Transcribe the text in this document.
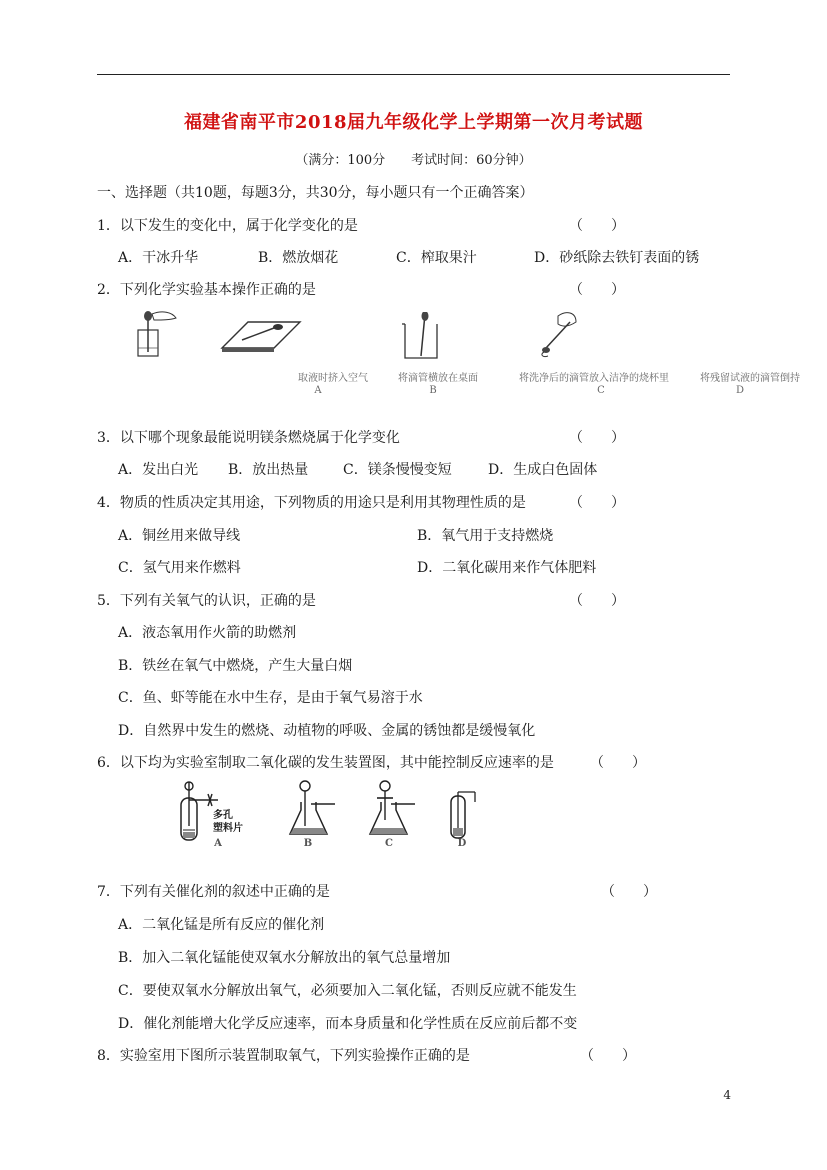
福建省南平市2018届九年级化学上学期第一次月考试题
（满分：100分　　考试时间：60分钟）
一、选择题（共10题，每题3分，共30分，每小题只有一个正确答案）
1．以下发生的变化中，属于化学变化的是	（　　）
A．干冰升华	B．燃放烟花	C．榨取果汁	D．砂纸除去铁钉表面的锈
2．下列化学实验基本操作正确的是	（　　）
取液时挤入空气	将滴管横放在桌面	将洗净后的滴管放入洁净的烧杯里	将残留试液的滴管倒持
A	B	C	D
3．以下哪个现象最能说明镁条燃烧属于化学变化	（　　）
A．发出白光 B．放出热量 C．镁条慢慢变短	D．生成白色固体
4．物质的性质决定其用途，下列物质的用途只是利用其物理性质的是	（　　）
A．铜丝用来做导线	B．氧气用于支持燃烧
C．氢气用来作燃料	D．二氧化碳用来作气体肥料
5．下列有关氧气的认识，正确的是	（　　）
A．液态氧用作火箭的助燃剂
B．铁丝在氧气中燃烧，产生大量白烟
C．鱼、虾等能在水中生存，是由于氧气易溶于水
D．自然界中发生的燃烧、动植物的呼吸、金属的锈蚀都是缓慢氧化
6．以下均为实验室制取二氧化碳的发生装置图，其中能控制反应速率的是	（　　）
多孔
塑料片
A	B	C	D
7．下列有关催化剂的叙述中正确的是	（　　）
A．二氧化锰是所有反应的催化剂
B．加入二氧化锰能使双氧水分解放出的氧气总量增加
C．要使双氧水分解放出氧气，必须要加入二氧化锰，否则反应就不能发生
D．催化剂能增大化学反应速率，而本身质量和化学性质在反应前后都不变
8．实验室用下图所示装置制取氧气，下列实验操作正确的是	（　　）
4
